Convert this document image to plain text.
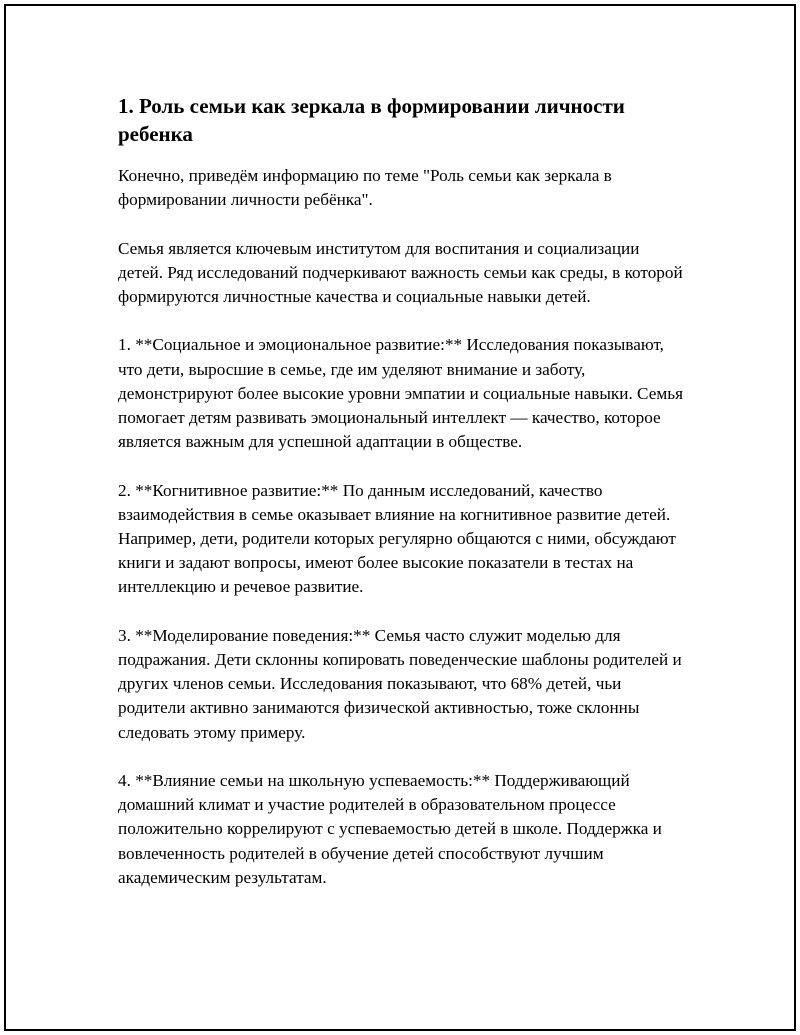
1. Роль семьи как зеркала в формировании личности ребенка

Конечно, приведём информацию по теме "Роль семьи как зеркала в формировании личности ребёнка".

Семья является ключевым институтом для воспитания и социализации детей. Ряд исследований подчеркивают важность семьи как среды, в которой формируются личностные качества и социальные навыки детей.

1. **Социальное и эмоциональное развитие:** Исследования показывают, что дети, выросшие в семье, где им уделяют внимание и заботу, демонстрируют более высокие уровни эмпатии и социальные навыки. Семья помогает детям развивать эмоциональный интеллект — качество, которое является важным для успешной адаптации в обществе.

2. **Когнитивное развитие:** По данным исследований, качество взаимодействия в семье оказывает влияние на когнитивное развитие детей. Например, дети, родители которых регулярно общаются с ними, обсуждают книги и задают вопросы, имеют более высокие показатели в тестах на интеллекцию и речевое развитие.

3. **Моделирование поведения:** Семья часто служит моделью для подражания. Дети склонны копировать поведенческие шаблоны родителей и других членов семьи. Исследования показывают, что 68% детей, чьи родители активно занимаются физической активностью, тоже склонны следовать этому примеру.

4. **Влияние семьи на школьную успеваемость:** Поддерживающий домашний климат и участие родителей в образовательном процессе положительно коррелируют с успеваемостью детей в школе. Поддержка и вовлеченность родителей в обучение детей способствуют лучшим академическим результатам.
